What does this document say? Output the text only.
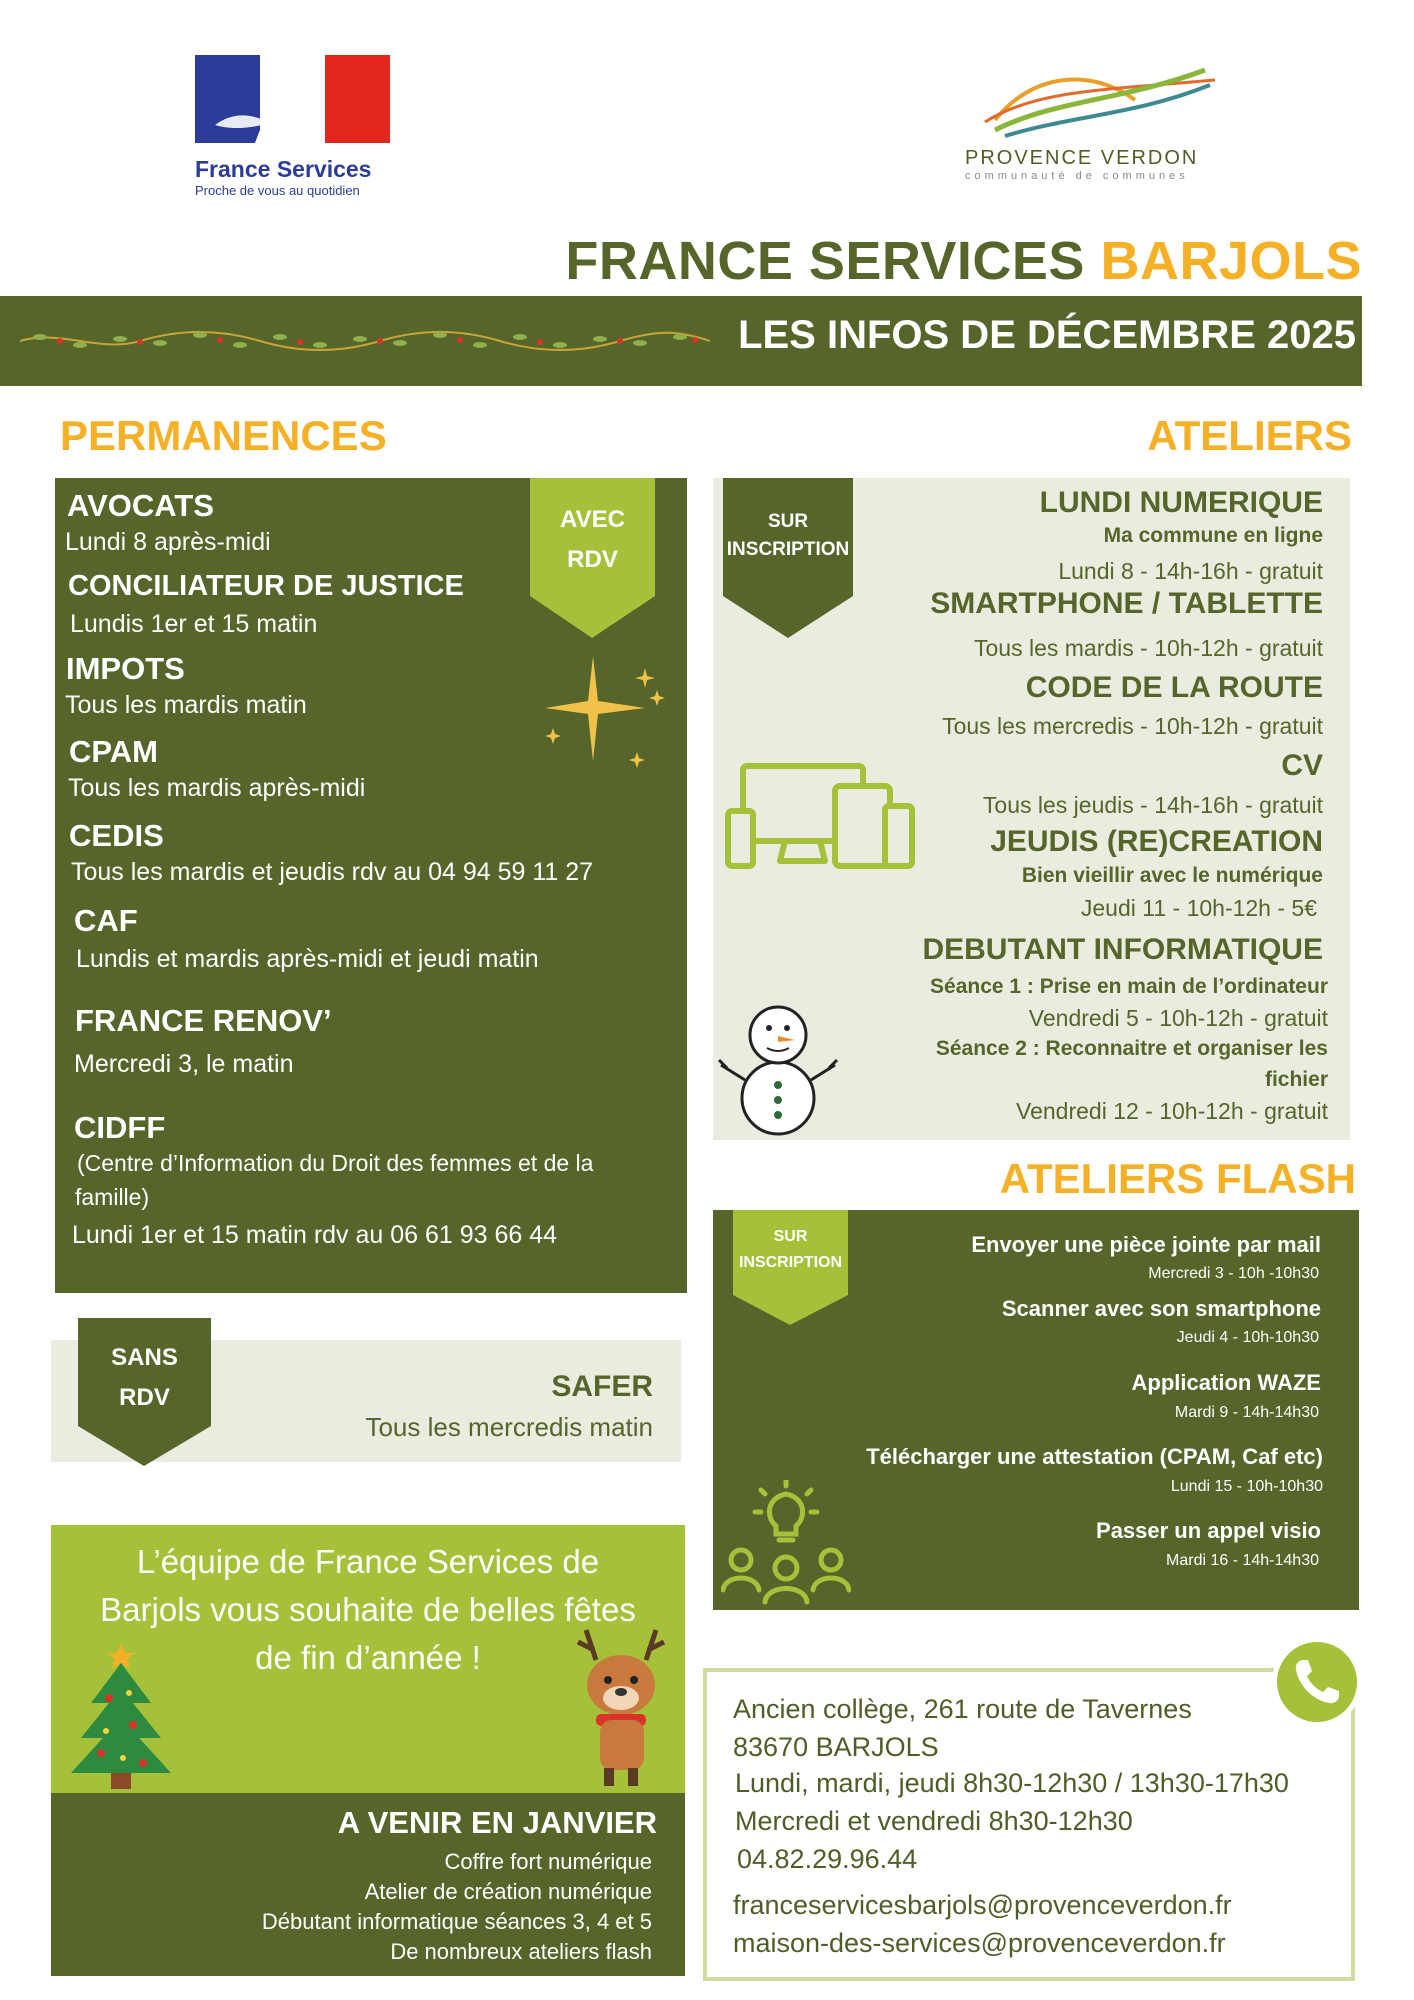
France Services
Proche de vous au quotidien
PROVENCE VERDON
communauté de communes
FRANCE SERVICES BARJOLS
LES INFOS DE DÉCEMBRE 2025
PERMANENCES
AVEC
RDV
AVOCATS
Lundi 8 après-midi
CONCILIATEUR DE JUSTICE
Lundis 1er et 15 matin
IMPOTS
Tous les mardis matin
CPAM
Tous les mardis après-midi
CEDIS
Tous les mardis et jeudis rdv au 04 94 59 11 27
CAF
Lundis et mardis après-midi et jeudi matin
FRANCE RENOV’
Mercredi 3, le matin
CIDFF
(Centre d’Information du Droit des femmes et de la
famille)
Lundi 1er et 15 matin rdv au 06 61 93 66 44
SANS
RDV	SAFER
Tous les mercredis matin
L’équipe de France Services de
Barjols vous souhaite de belles fêtes
de fin d’année !
A VENIR EN JANVIER
Coffre fort numérique
Atelier de création numérique
Débutant informatique séances 3, 4 et 5
De nombreux ateliers flash
ATELIERS
SUR
INSCRIPTION
LUNDI NUMERIQUE
Ma commune en ligne
Lundi 8 - 14h-16h - gratuit
SMARTPHONE / TABLETTE
Tous les mardis - 10h-12h - gratuit
CODE DE LA ROUTE
Tous les mercredis - 10h-12h - gratuit
CV
Tous les jeudis - 14h-16h - gratuit
JEUDIS (RE)CREATION
Bien vieillir avec le numérique
Jeudi 11 - 10h-12h - 5€
DEBUTANT INFORMATIQUE
Séance 1 : Prise en main de l’ordinateur
Vendredi 5 - 10h-12h - gratuit
Séance 2 : Reconnaitre et organiser les
fichier
Vendredi 12 - 10h-12h - gratuit
ATELIERS FLASH
SUR
INSCRIPTION
Envoyer une pièce jointe par mail
Mercredi 3 - 10h -10h30
Scanner avec son smartphone
Jeudi 4 - 10h-10h30
Application WAZE
Mardi 9 - 14h-14h30
Télécharger une attestation (CPAM, Caf etc)
Lundi 15 - 10h-10h30
Passer un appel visio
Mardi 16 - 14h-14h30
Ancien collège, 261 route de Tavernes
83670 BARJOLS
Lundi, mardi, jeudi 8h30-12h30 / 13h30-17h30
Mercredi et vendredi 8h30-12h30
04.82.29.96.44
franceservicesbarjols@provenceverdon.fr
maison-des-services@provenceverdon.fr
